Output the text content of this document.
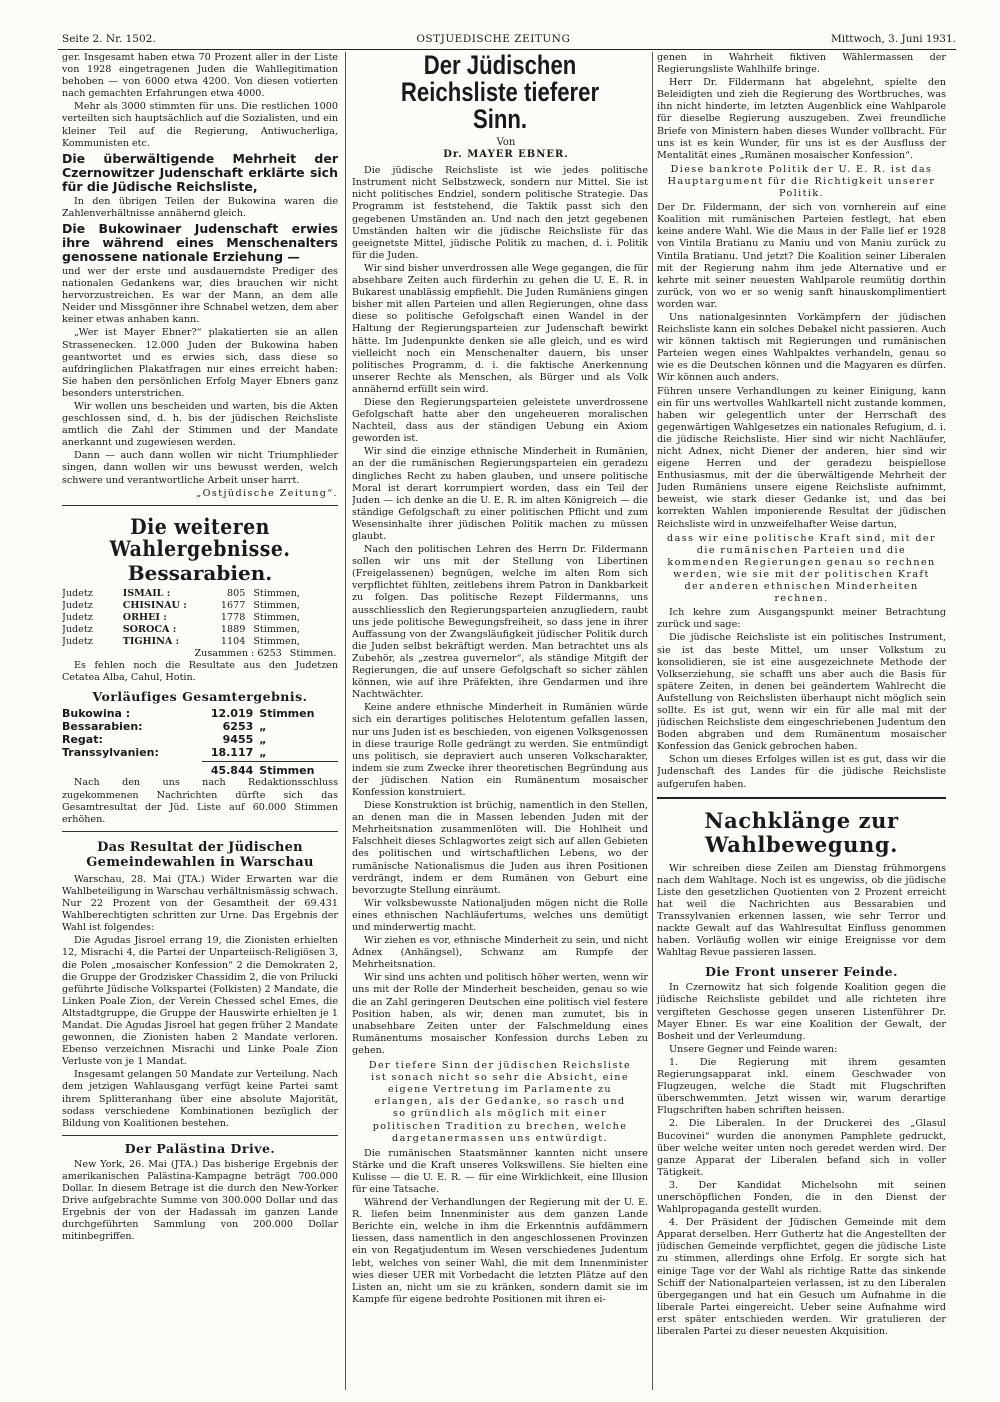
Seite 2. Nr. 1502.	OSTJUEDISCHE ZEITUNG	Mittwoch, 3. Juni 1931.

ger. Insgesamt haben etwa 70 Prozent aller in der Liste von 1928 eingetragenen Juden die Wahllegitimation behoben — von 6000 etwa 4200. Von diesen votierten nach gemachten Erfahrungen etwa 4000.

Mehr als 3000 stimmten für uns. Die restlichen 1000 verteilten sich hauptsächlich auf die Sozialisten, und ein kleiner Teil auf die Regierung, Antiwucherliga, Kommunisten etc.

Die überwältigende Mehrheit der Czernowitzer Judenschaft erklärte sich für die Jüdische Reichsliste,

In den übrigen Teilen der Bukowina waren die Zahlenverhältnisse annähernd gleich.

Die Bukowinaer Judenschaft erwies ihre während eines Menschenalters genossene nationale Erziehung —

und wer der erste und ausdauerndste Prediger des nationalen Gedankens war, dies brauchen wir nicht hervorzustreichen. Es war der Mann, an dem alle Neider und Missgönner ihre Schnabel wetzen, dem aber keiner etwas anhaben kann.

„Wer ist Mayer Ebner?“ plakatierten sie an allen Strassenecken. 12.000 Juden der Bukowina haben geantwortet und es erwies sich, dass diese so aufdringlichen Plakatfragen nur eines erreicht haben: Sie haben den persönlichen Erfolg Mayer Ebners ganz besonders unterstrichen.

Wir wollen uns bescheiden und warten, bis die Akten geschlossen sind, d. h. bis der jüdischen Reichsliste amtlich die Zahl der Stimmen und der Mandate anerkannt und zugewiesen werden.

Dann — auch dann wollen wir nicht Triumphlieder singen, dann wollen wir uns bewusst werden, welch schwere und verantwortliche Arbeit unser harrt.

„Ostjüdische Zeitung“.

Die weiteren Wahlergebnisse.
Bessarabien.
Judetz	ISMAIL :	805	Stimmen,
Judetz	CHISINAU :	1677	Stimmen,
Judetz	ORHEI :	1778	Stimmen,
Judetz	SOROCA :	1889	Stimmen,
Judetz	TIGHINA :	1104	Stimmen,
	Zusammen :	6253	Stimmen.

Es fehlen noch die Resultate aus den Judetzen Cetatea Alba, Cahul, Hotin.

Vorläufiges Gesamtergebnis.
Bukowina :	12.019	Stimmen
Bessarabien:	6253	„
Regat:	9455	„
Transsylvanien:	18.117	„
	45.844	Stimmen

Nach den uns nach Redaktionsschluss zugekommenen Nachrichten dürfte sich das Gesamtresultat der Jüd. Liste auf 60.000 Stimmen erhöhen.

Das Resultat der Jüdischen Gemeindewahlen in Warschau

Warschau, 28. Mai (JTA.) Wider Erwarten war die Wahlbeteiligung in Warschau verhältnismässig schwach. Nur 22 Prozent von der Gesamtheit der 69.431 Wahlberechtigten schritten zur Urne. Das Ergebnis der Wahl ist folgendes:

Die Agudas Jisroel errang 19, die Zionisten erhielten 12, Misrachi 4, die Partei der Unparteiisch-Religiösen 3, die Polen „mosaischer Konfession“ 2 die Demokraten 2, die Gruppe der Grodzisker Chassidim 2, die von Prilucki geführte Jüdische Volkspartei (Folkisten) 2 Mandate, die Linken Poale Zion, der Verein Chessed schel Emes, die Altstadtgruppe, die Gruppe der Hauswirte erhielten je 1 Mandat. Die Agudas Jisroel hat gegen früher 2 Mandate gewonnen, die Zionisten haben 2 Mandate verloren. Ebenso verzeichnen Misrachi und Linke Poale Zion Verluste von je 1 Mandat.

Insgesamt gelangen 50 Mandate zur Verteilung. Nach dem jetzigen Wahlausgang verfügt keine Partei samt ihrem Splitteranhang über eine absolute Majorität, sodass verschiedene Kombinationen bezüglich der Bildung von Koalitionen bestehen.

Der Palästina Drive.

New York, 26. Mai (JTA.) Das bisherige Ergebnis der amerikanischen Palästina-Kampagne beträgt 700.000 Dollar. In diesem Betrage ist die durch den New-Yorker Drive aufgebrachte Summe von 300.000 Dollar und das Ergebnis der von der Hadassah im ganzen Lande durchgeführten Sammlung von 200.000 Dollar mitinbegriffen.

Der Jüdischen Reichsliste tieferer Sinn.

Von

Dr. MAYER EBNER.

Die jüdische Reichsliste ist wie jedes politische Instrument nicht Selbstzweck, sondern nur Mittel. Sie ist nicht politisches Endziel, sondern politische Strategie. Das Programm ist feststehend, die Taktik passt sich den gegebenen Umständen an. Und nach den jetzt gegebenen Umständen halten wir die jüdische Reichsliste für das geeignetste Mittel, jüdische Politik zu machen, d. i. Politik für die Juden.

Wir sind bisher unverdrossen alle Wege gegangen, die für absehbare Zeiten auch fürderhin zu gehen die U. E. R. in Bukarest unablässig empfiehlt. Die Juden Rumäniens gingen bisher mit allen Parteien und allen Regierungen, ohne dass diese so politische Gefolgschaft einen Wandel in der Haltung der Regierungsparteien zur Judenschaft bewirkt hätte. Im Judenpunkte denken sie alle gleich, und es wird vielleicht noch ein Menschenalter dauern, bis unser politisches Programm, d. i. die faktische Anerkennung unserer Rechte als Menschen, als Bürger und als Volk annähernd erfüllt sein wird.

Diese den Regierungsparteien geleistete unverdrossene Gefolgschaft hatte aber den ungeheueren moralischen Nachteil, dass aus der ständigen Uebung ein Axiom geworden ist.

Wir sind die einzige ethnische Minderheit in Rumänien, an der die rumänischen Regierungsparteien ein geradezu dingliches Recht zu haben glauben, und unsere politische Moral ist derart korrumpiert worden, dass ein Teil der Juden — ich denke an die U. E. R. im alten Königreich — die ständige Gefolgschaft zu einer politischen Pflicht und zum Wesensinhalte ihrer jüdischen Politik machen zu müssen glaubt.

Nach den politischen Lehren des Herrn Dr. Fildermann sollen wir uns mit der Stellung von Libertinen (Freigelassenen) begnügen, welche im alten Rom sich verpflichtet fühlten, zeitlebens ihrem Patron in Dankbarkeit zu folgen. Das politische Rezept Fildermanns, uns ausschliesslich den Regierungsparteien anzugliedern, raubt uns jede politische Bewegungsfreiheit, so dass jene in ihrer Auffassung von der Zwangsläufigkeit jüdischer Politik durch die Juden selbst bekräftigt werden. Man betrachtet uns als Zubehör, als „zestrea guvernelor“, als ständige Mitgift der Regierungen, die auf unsere Gefolgschaft so sicher zählen können, wie auf ihre Präfekten, ihre Gendarmen und ihre Nachtwächter.

Keine andere ethnische Minderheit in Rumänien würde sich ein derartiges politisches Helotentum gefallen lassen, nur uns Juden ist es beschieden, von eigenen Volksgenossen in diese traurige Rolle gedrängt zu werden. Sie entmündigt uns politisch, sie depraviert auch unseren Volkscharakter, indem sie zum Zwecke ihrer theoretischen Begründung aus der jüdischen Nation ein Rumänentum mosaischer Konfession konstruiert.

Diese Konstruktion ist brüchig, namentlich in den Stellen, an denen man die in Massen lebenden Juden mit der Mehrheitsnation zusammenlöten will. Die Hohlheit und Falschheit dieses Schlagwortes zeigt sich auf allen Gebieten des politischen und wirtschaftlichen Lebens, wo der rumänische Nationalismus die Juden aus ihren Positionen verdrängt, indem er dem Rumänen von Geburt eine bevorzugte Stellung einräumt.

Wir volksbewusste Nationaljuden mögen nicht die Rolle eines ethnischen Nachläufertums, welches uns demütigt und minderwertig macht.

Wir ziehen es vor, ethnische Minderheit zu sein, und nicht Adnex (Anhängsel), Schwanz am Rumpfe der Mehrheitsnation.

Wir sind uns achten und politisch höher werten, wenn wir uns mit der Rolle der Minderheit bescheiden, genau so wie die an Zahl geringeren Deutschen eine politisch viel festere Position haben, als wir, denen man zumutet, bis in unabsehbare Zeiten unter der Falschmeldung eines Rumänentums mosaischer Konfession durchs Leben zu gehen.

Der tiefere Sinn der jüdischen Reichsliste ist sonach nicht so sehr die Absicht, eine eigene Vertretung im Parlamente zu erlangen, als der Gedanke, so rasch und so gründlich als möglich mit einer politischen Tradition zu brechen, welche dargetanermassen uns entwürdigt.

Die rumänischen Staatsmänner kannten nicht unsere Stärke und die Kraft unseres Volkswillens. Sie hielten eine Kulisse — die U. E. R. — für eine Wirklichkeit, eine Illusion für eine Tatsache.

Während der Verhandlungen der Regierung mit der U. E. R. liefen beim Innenminister aus dem ganzen Lande Berichte ein, welche in ihm die Erkenntnis aufdämmern liessen, dass namentlich in den angeschlossenen Provinzen ein von Regatjudentum im Wesen verschiedenes Judentum lebt, welches von seiner Wahl, die mit dem Innenminister wies dieser UER mit Vorbedacht die letzten Plätze auf den Listen an, nicht um sie zu kränken, sondern damit sie im Kampfe für eigene bedrohte Positionen mit ihren ei-

genen in Wahrheit fiktiven Wählermassen der Regierungsliste Wahlhilfe bringe.

Herr Dr. Fildermann hat abgelehnt, spielte den Beleidigten und zieh die Regierung des Wortbruches, was ihn nicht hinderte, im letzten Augenblick eine Wahlparole für dieselbe Regierung auszugeben. Zwei freundliche Briefe von Ministern haben dieses Wunder vollbracht. Für uns ist es kein Wunder, für uns ist es der Ausfluss der Mentalität eines „Rumänen mosaischer Konfession“.

Diese bankrote Politik der U. E. R. ist das Hauptargument für die Richtigkeit unserer Politik.

Der Dr. Fildermann, der sich von vornherein auf eine Koalition mit rumänischen Parteien festlegt, hat eben keine andere Wahl. Wie die Maus in der Falle lief er 1928 von Vintila Bratianu zu Maniu und von Maniu zurück zu Vintila Bratianu. Und jetzt? Die Koalition seiner Liberalen mit der Regierung nahm ihm jede Alternative und er kehrte mit seiner neuesten Wahlparole reumütig dorthin zurück, von wo er so wenig sanft hinauskomplimentiert worden war.

Uns nationalgesinnten Vorkämpfern der jüdischen Reichsliste kann ein solches Debakel nicht passieren. Auch wir können taktisch mit Regierungen und rumänischen Parteien wegen eines Wahlpaktes verhandeln, genau so wie es die Deutschen können und die Magyaren es dürfen. Wir können auch anders.

Führen unsere Verhandlungen zu keiner Einigung, kann ein für uns wertvolles Wahlkartell nicht zustande kommen, haben wir gelegentlich unter der Herrschaft des gegenwärtigen Wahlgesetzes ein nationales Refugium, d. i. die jüdische Reichsliste. Hier sind wir nicht Nachläufer, nicht Adnex, nicht Diener der anderen, hier sind wir eigene Herren und der geradezu beispiellose Enthusiasmus, mit der die überwältigende Mehrheit der Juden Rumäniens unsere eigene Reichsliste aufnimmt, beweist, wie stark dieser Gedanke ist, und das bei korrekten Wahlen imponierende Resultat der jüdischen Reichsliste wird in unzweifelhafter Weise dartun,

dass wir eine politische Kraft sind, mit der die rumänischen Parteien und die kommenden Regierungen genau so rechnen werden, wie sie mit der politischen Kraft der anderen ethnischen Minderheiten rechnen.

Ich kehre zum Ausgangspunkt meiner Betrachtung zurück und sage:

Die jüdische Reichsliste ist ein politisches Instrument, sie ist das beste Mittel, um unser Volkstum zu konsolidieren, sie ist eine ausgezeichnete Methode der Volkserziehung, sie schafft uns aber auch die Basis für spätere Zeiten, in denen bei geändertem Wahlrecht die Aufstellung von Reichslisten überhaupt nicht möglich sein sollte. Es ist gut, wenn wir ein für alle mal mit der jüdischen Reichsliste dem eingeschriebenen Judentum den Boden abgraben und dem Rumänentum mosaischer Konfession das Genick gebrochen haben.

Schon um dieses Erfolges willen ist es gut, dass wir die Judenschaft des Landes für die jüdische Reichsliste aufgerufen haben.

Nachklänge zur Wahlbewegung.

Wir schreiben diese Zeilen am Dienstag frühmorgens nach dem Wahltage. Noch ist es ungewiss, ob die jüdische Liste den gesetzlichen Quotienten von 2 Prozent erreicht hat weil die Nachrichten aus Bessarabien und Transsylvanien erkennen lassen, wie sehr Terror und nackte Gewalt auf das Wahlresultat Einfluss genommen haben. Vorläufig wollen wir einige Ereignisse vor dem Wahltag Revue passieren lassen.

Die Front unserer Feinde.

In Czernowitz hat sich folgende Koalition gegen die jüdische Reichsliste gebildet und alle richteten ihre vergifteten Geschosse gegen unseren Listenführer Dr. Mayer Ebner. Es war eine Koalition der Gewalt, der Bosheit und der Verleumdung.

Unsere Gegner und Feinde waren:

1. Die Regierung mit ihrem gesamten Regierungsapparat inkl. einem Geschwader von Flugzeugen, welche die Stadt mit Flugschriften überschwemmten. Jetzt wissen wir, warum derartige Flugschriften haben schriften heissen.

2. Die Liberalen. In der Druckerei des „Glasul Bucovinei“ wurden die anonymen Pamphlete gedruckt, über welche weiter unten noch geredet werden wird. Der ganze Apparat der Liberalen befand sich in voller Tätigkeit.

3. Der Kandidat Michelsohn mit seinen unerschöpflichen Fonden, die in den Dienst der Wahlpropaganda gestellt wurden.

4. Der Präsident der Jüdischen Gemeinde mit dem Apparat derselben. Herr Guthertz hat die Angestellten der jüdischen Gemeinde verpflichtet, gegen die jüdische Liste zu stimmen, allerdings ohne Erfolg. Er sorgte sich hat einige Tage vor der Wahl als richtige Ratte das sinkende Schiff der Nationalparteien verlassen, ist zu den Liberalen übergegangen und hat ein Gesuch um Aufnahme in die liberale Partei eingereicht. Ueber seine Aufnahme wird erst später entschieden werden. Wir gratulieren der liberalen Partei zu dieser neuesten Akquisition.
